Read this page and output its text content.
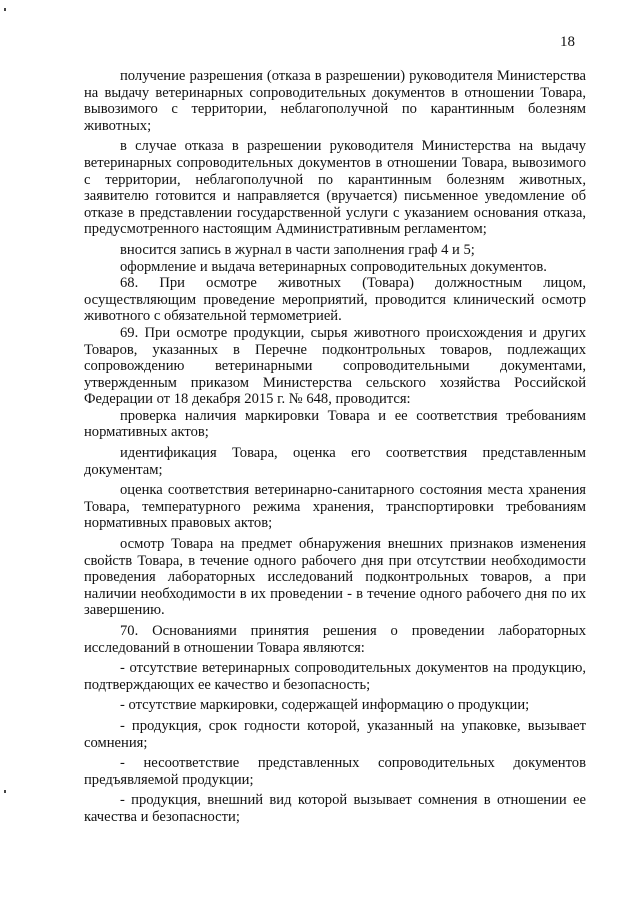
18

получение разрешения (отказа в разрешении) руководителя Министерства на выдачу ветеринарных сопроводительных документов в отношении Товара, вывозимого с территории, неблагополучной по карантинным болезням животных;

в случае отказа в разрешении руководителя Министерства на выдачу ветеринарных сопроводительных документов в отношении Товара, вывозимого с территории, неблагополучной по карантинным болезням животных, заявителю готовится и направляется (вручается) письменное уведомление об отказе в представлении государственной услуги с указанием основания отказа, предусмотренного настоящим Административным регламентом;

вносится запись в журнал в части заполнения граф 4 и 5;

оформление и выдача ветеринарных сопроводительных документов.

68. При осмотре животных (Товара) должностным лицом, осуществляющим проведение мероприятий, проводится клинический осмотр животного с обязательной термометрией.

69. При осмотре продукции, сырья животного происхождения и других Товаров, указанных в Перечне подконтрольных товаров, подлежащих сопровождению ветеринарными сопроводительными документами, утвержденным приказом Министерства сельского хозяйства Российской Федерации от 18 декабря 2015 г. № 648, проводится:

проверка наличия маркировки Товара и ее соответствия требованиям нормативных актов;

идентификация Товара, оценка его соответствия представленным документам;

оценка соответствия ветеринарно-санитарного состояния места хранения Товара, температурного режима хранения, транспортировки требованиям нормативных правовых актов;

осмотр Товара на предмет обнаружения внешних признаков изменения свойств Товара, в течение одного рабочего дня при отсутствии необходимости проведения лабораторных исследований подконтрольных товаров, а при наличии необходимости в их проведении - в течение одного рабочего дня по их завершению.

70. Основаниями принятия решения о проведении лабораторных исследований в отношении Товара являются:

- отсутствие ветеринарных сопроводительных документов на продукцию, подтверждающих ее качество и безопасность;

- отсутствие маркировки, содержащей информацию о продукции;

- продукция, срок годности которой, указанный на упаковке, вызывает сомнения;

- несоответствие представленных сопроводительных документов предъявляемой продукции;

- продукция, внешний вид которой вызывает сомнения в отношении ее качества и безопасности;
